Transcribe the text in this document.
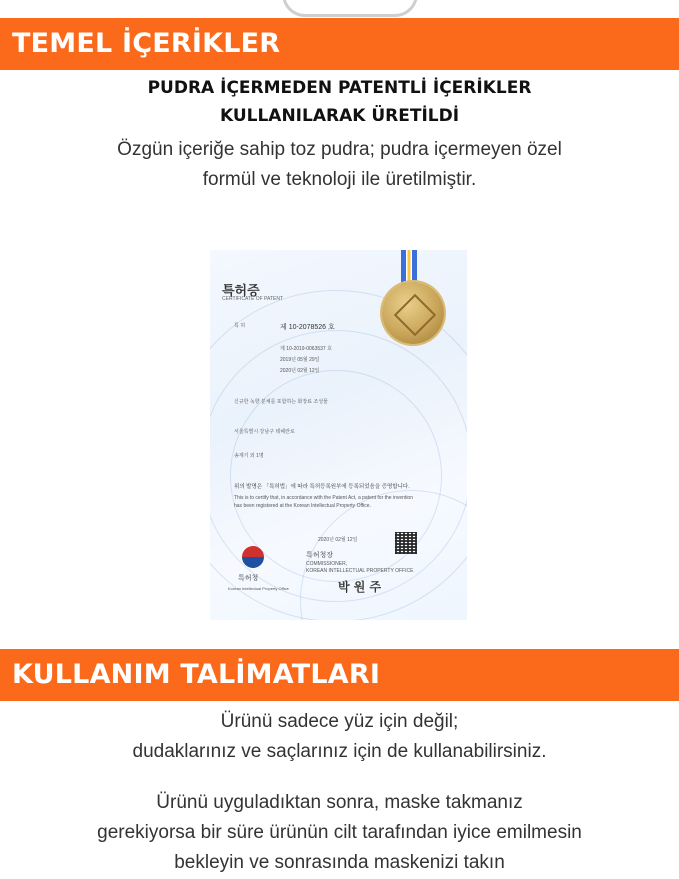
TEMEL İÇERİKLER
PUDRA İÇERMEDEN PATENTLİ İÇERİKLER
KULLANILARAK ÜRETİLDİ
Özgün içeriğe sahip toz pudra; pudra içermeyen özel
formül ve teknoloji ile üretilmiştir.
특허증
CERTIFICATE OF PATENT
특 허	제 10-2078526 호
제 10-2019-0063537 호
2019년 05월 29일
2020년 02월 12일
신규한 녹향 분체를 포함하는 화장료 조성물
서울특별시 강남구 테헤란로
송재기 외 1명
위의 발명은 「특허법」에 따라 특허등록원부에 등록되었음을 증명합니다.
This is to certify that, in accordance with the Patent Act, a patent for the invention
has been registered at the Korean Intellectual Property Office.
2020년 02월 12일
특허청장
COMMISSIONER,
KOREAN INTELLECTUAL PROPERTY OFFICE
특허청
Korean Intellectual Property Office	박 원 주
KULLANIM TALİMATLARI
Ürünü sadece yüz için değil;
dudaklarınız ve saçlarınız için de kullanabilirsiniz.
Ürünü uyguladıktan sonra, maske takmanız
gerekiyorsa bir süre ürünün cilt tarafından iyice emilmesin
bekleyin ve sonrasında maskenizi takın
